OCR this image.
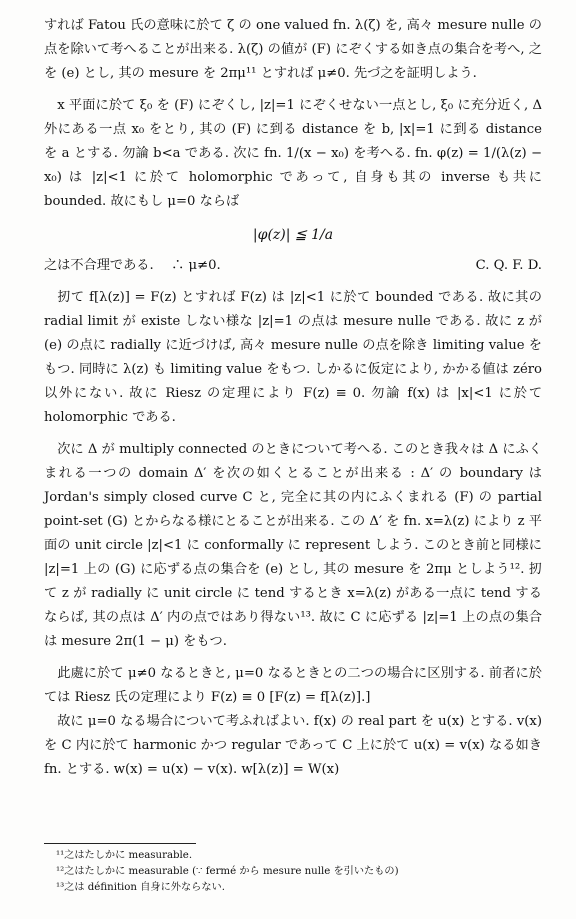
すれば Fatou 氏の意味に於て ζ の one valued fn. λ(ζ) を, 高々 mesure nulle の点を除いて考へることが出来る. λ(ζ) の値が (F) にぞくする如き点の集合を考へ, 之を (e) とし, 其の mesure を 2πμ¹¹ とすれば μ≠0. 先づ之を証明しよう.

x 平面に於て ξ₀ を (F) にぞくし, |z|=1 にぞくせない一点とし, ξ₀ に充分近く, Δ 外にある一点 x₀ をとり, 其の (F) に到る distance を b, |x|=1 に到る distance を a とする. 勿論 b<a である. 次に fn. 1/(x − x₀) を考へる. fn. φ(z) = 1/(λ(z) − x₀) は |z|<1 に於て holomorphic であって, 自身も其の inverse も共に bounded. 故にもし μ=0 ならば

|φ(z)| ≦ 1/a
之は不合理である.　 ∴ μ≠0.	C. Q. F. D.

扨て f[λ(z)] = F(z) とすれば F(z) は |z|<1 に於て bounded である. 故に其の radial limit が existe しない様な |z|=1 の点は mesure nulle である. 故に z が (e) の点に radially に近づけば, 高々 mesure nulle の点を除き limiting value をもつ. 同時に λ(z) も limiting value をもつ. しかるに仮定により, かかる値は zéro 以外にない. 故に Riesz の定理により F(z) ≡ 0. 勿論 f(x) は |x|<1 に於て holomorphic である.

次に Δ が multiply connected のときについて考へる. このとき我々は Δ にふくまれる一つの domain Δ′ を次の如くとることが出来る : Δ′ の boundary は Jordan's simply closed curve C と, 完全に其の内にふくまれる (F) の partial point-set (G) とからなる様にとることが出来る. この Δ′ を fn. x=λ(z) により z 平面の unit circle |z|<1 に conformally に represent しよう. このとき前と同様に |z|=1 上の (G) に応ずる点の集合を (e) とし, 其の mesure を 2πμ としよう¹². 扨て z が radially に unit circle に tend するとき x=λ(z) がある一点に tend するならば, 其の点は Δ′ 内の点ではあり得ない¹³. 故に C に応ずる |z|=1 上の点の集合は mesure 2π(1 − μ) をもつ.

此處に於て μ≠0 なるときと, μ=0 なるときとの二つの場合に区別する. 前者に於ては Riesz 氏の定理により F(z) ≡ 0 [F(z) = f[λ(z)].]

故に μ=0 なる場合について考ふればよい. f(x) の real part を u(x) とする. v(x) を C 内に於て harmonic かつ regular であって C 上に於て u(x) = v(x) なる如き fn. とする. w(x) = u(x) − v(x). w[λ(z)] = W(x)

¹¹之はたしかに measurable.

¹²之はたしかに measurable (∵ fermé から mesure nulle を引いたもの)

¹³之は définition 自身に外ならない.
